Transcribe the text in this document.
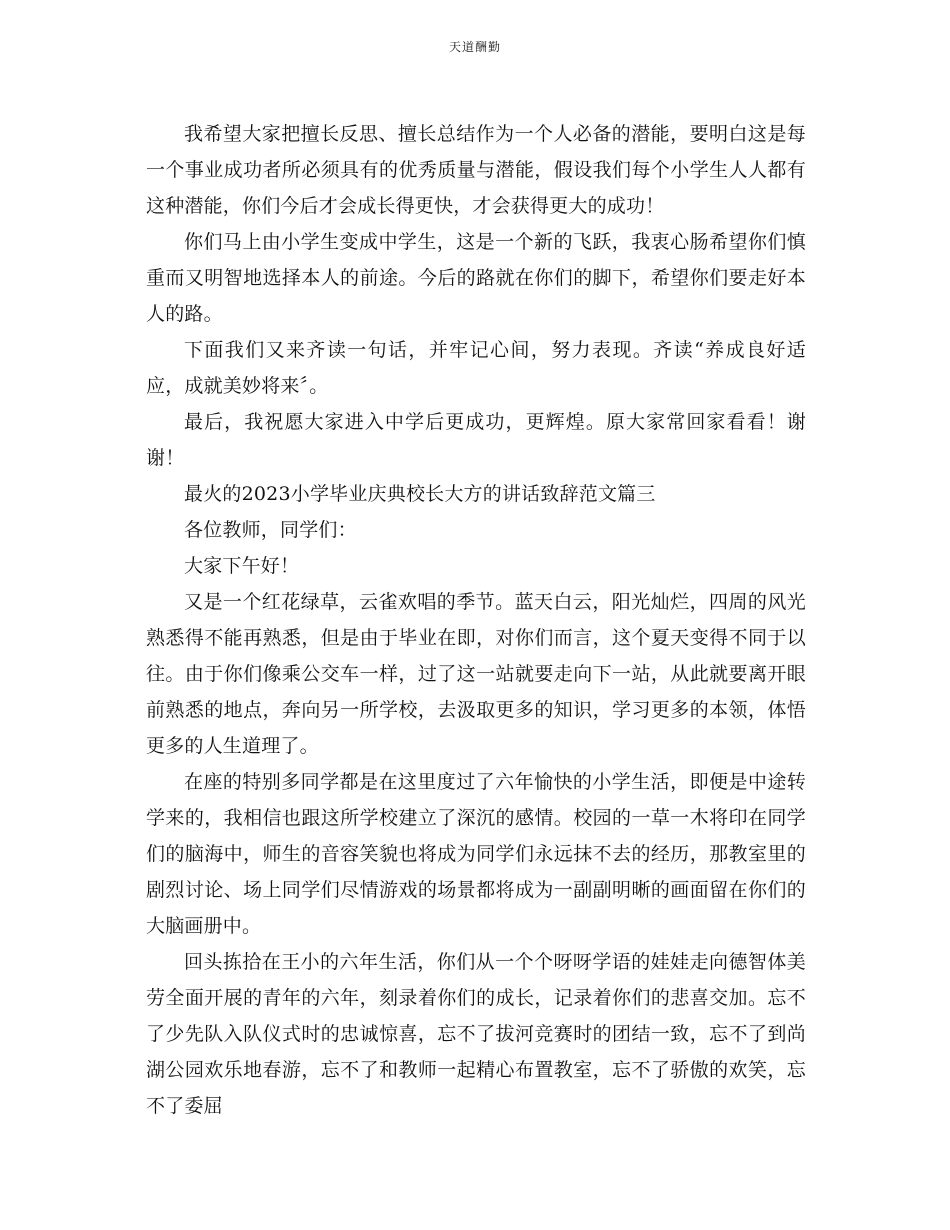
天道酬勤

我希望大家把擅长反思、擅长总结作为一个人必备的潜能，要明白这是每一个事业成功者所必须具有的优秀质量与潜能，假设我们每个小学生人人都有这种潜能，你们今后才会成长得更快，才会获得更大的成功！

你们马上由小学生变成中学生，这是一个新的飞跃，我衷心肠希望你们慎重而又明智地选择本人的前途。今后的路就在你们的脚下，希望你们要走好本人的路。

下面我们又来齐读一句话，并牢记心间，努力表现。齐读“养成良好适应，成就美妙将来〞。

最后，我祝愿大家进入中学后更成功，更辉煌。原大家常回家看看！谢 谢！

最火的2023小学毕业庆典校长大方的讲话致辞范文篇三

各位教师，同学们：

大家下午好！

又是一个红花绿草，云雀欢唱的季节。蓝天白云，阳光灿烂，四周的风光熟悉得不能再熟悉，但是由于毕业在即，对你们而言，这个夏天变得不同于以往。由于你们像乘公交车一样，过了这一站就要走向下一站，从此就要离开眼前熟悉的地点，奔向另一所学校，去汲取更多的知识，学习更多的本领，体悟更多的人生道理了。

在座的特别多同学都是在这里度过了六年愉快的小学生活，即便是中途转学来的，我相信也跟这所学校建立了深沉的感情。校园的一草一木将印在同学们的脑海中，师生的音容笑貌也将成为同学们永远抹不去的经历，那教室里的剧烈讨论、场上同学们尽情游戏的场景都将成为一副副明晰的画面留在你们的大脑画册中。

回头拣拾在王小的六年生活，你们从一个个呀呀学语的娃娃走向德智体美劳全面开展的青年的六年，刻录着你们的成长，记录着你们的悲喜交加。忘不了少先队入队仪式时的忠诚惊喜，忘不了拔河竞赛时的团结一致，忘不了到尚湖公园欢乐地春游，忘不了和教师一起精心布置教室，忘不了骄傲的欢笑，忘不了委屈
